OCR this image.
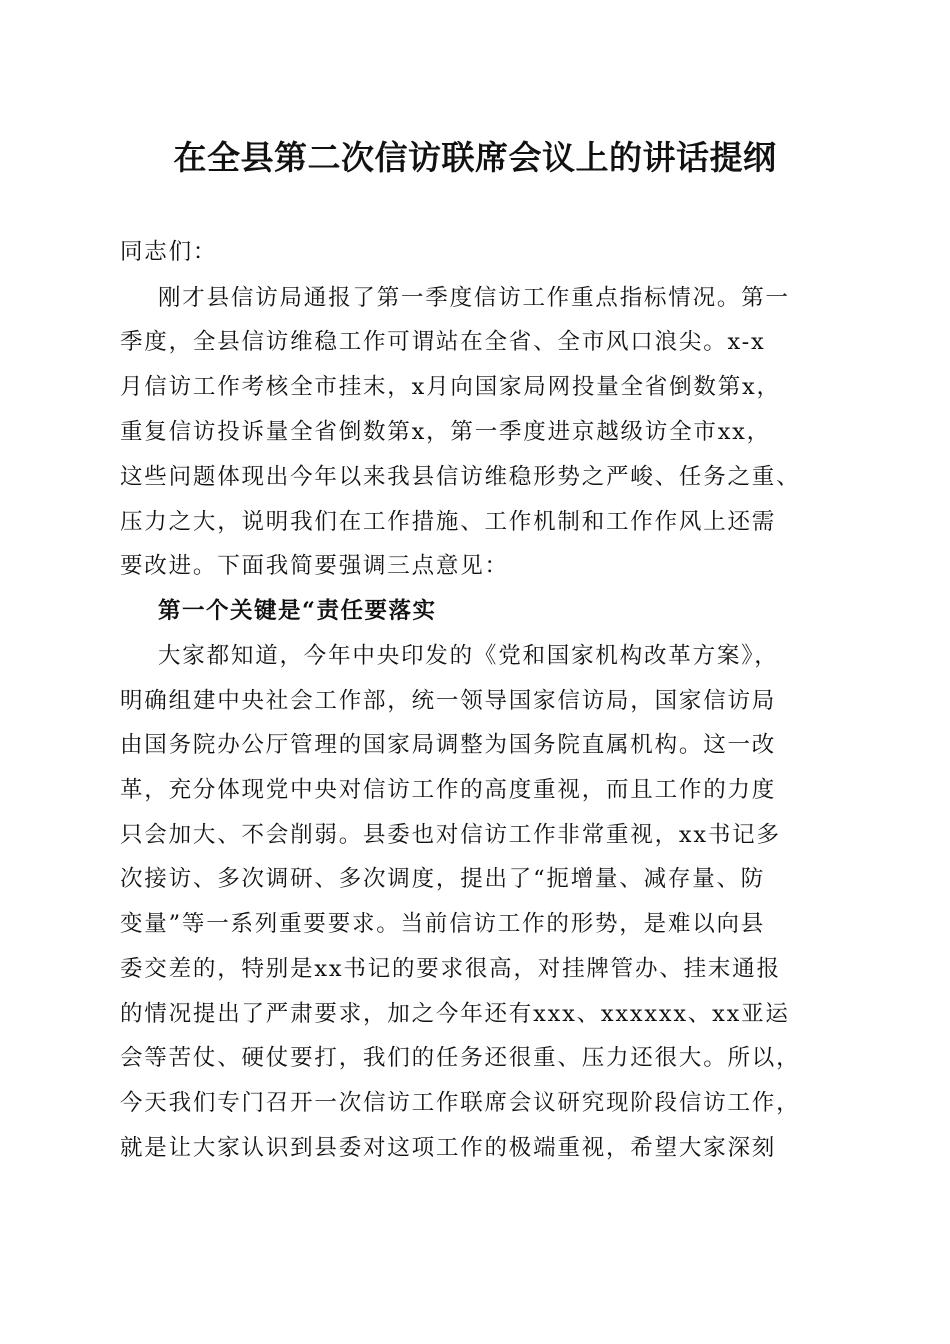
在全县第二次信访联席会议上的讲话提纲
同志们：
刚才县信访局通报了第一季度信访工作重点指标情况。第一
季度，全县信访维稳工作可谓站在全省、全市风口浪尖。x-x
月信访工作考核全市挂末，x月向国家局网投量全省倒数第x，
重复信访投诉量全省倒数第x，第一季度进京越级访全市xx，
这些问题体现出今年以来我县信访维稳形势之严峻、任务之重、
压力之大，说明我们在工作措施、工作机制和工作作风上还需
要改进。下面我简要强调三点意见：
第一个关键是“责任要落实
大家都知道，今年中央印发的《党和国家机构改革方案》，
明确组建中央社会工作部，统一领导国家信访局，国家信访局
由国务院办公厅管理的国家局调整为国务院直属机构。这一改
革，充分体现党中央对信访工作的高度重视，而且工作的力度
只会加大、不会削弱。县委也对信访工作非常重视，xx书记多
次接访、多次调研、多次调度，提出了“扼增量、减存量、防
变量”等一系列重要要求。当前信访工作的形势，是难以向县
委交差的，特别是xx书记的要求很高，对挂牌管办、挂末通报
的情况提出了严肃要求，加之今年还有xxx、xxxxxx、xx亚运
会等苦仗、硬仗要打，我们的任务还很重、压力还很大。所以，
今天我们专门召开一次信访工作联席会议研究现阶段信访工作，
就是让大家认识到县委对这项工作的极端重视，希望大家深刻
